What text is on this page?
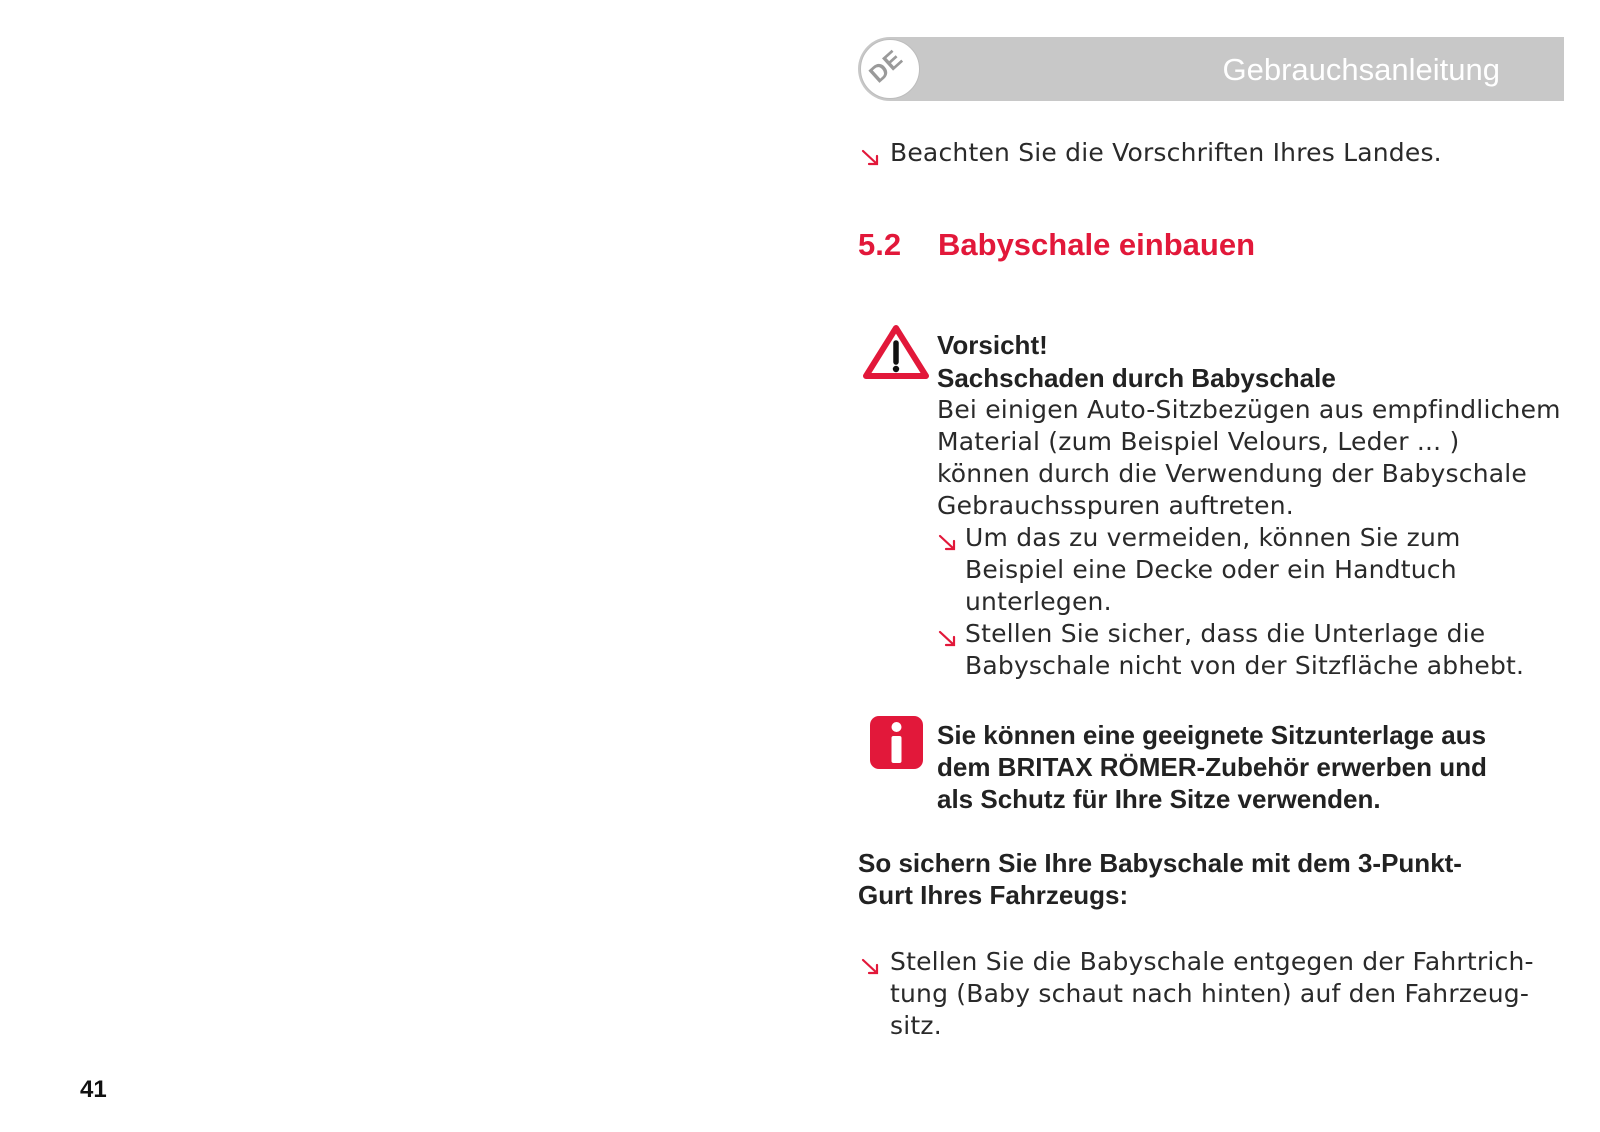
DE	Gebrauchsanleitung

Beachten Sie die Vorschriften Ihres Landes.

5.2 Babyschale einbauen
Vorsicht!
Sachschaden durch Babyschale

Bei einigen Auto-Sitzbezügen aus empfindlichem

Material (zum Beispiel Velours, Leder ... )

können durch die Verwendung der Babyschale

Gebrauchsspuren auftreten.

Um das zu vermeiden, können Sie zum

Beispiel eine Decke oder ein Handtuch

unterlegen.

Stellen Sie sicher, dass die Unterlage die

Babyschale nicht von der Sitzfläche abhebt.

Sie können eine geeignete Sitzunterlage aus
dem BRITAX RÖMER-Zubehör erwerben und
als Schutz für Ihre Sitze verwenden.
So sichern Sie Ihre Babyschale mit dem 3-Punkt-
Gurt Ihres Fahrzeugs:

Stellen Sie die Babyschale entgegen der Fahrtrich-

tung (Baby schaut nach hinten) auf den Fahrzeug-

sitz.

41
